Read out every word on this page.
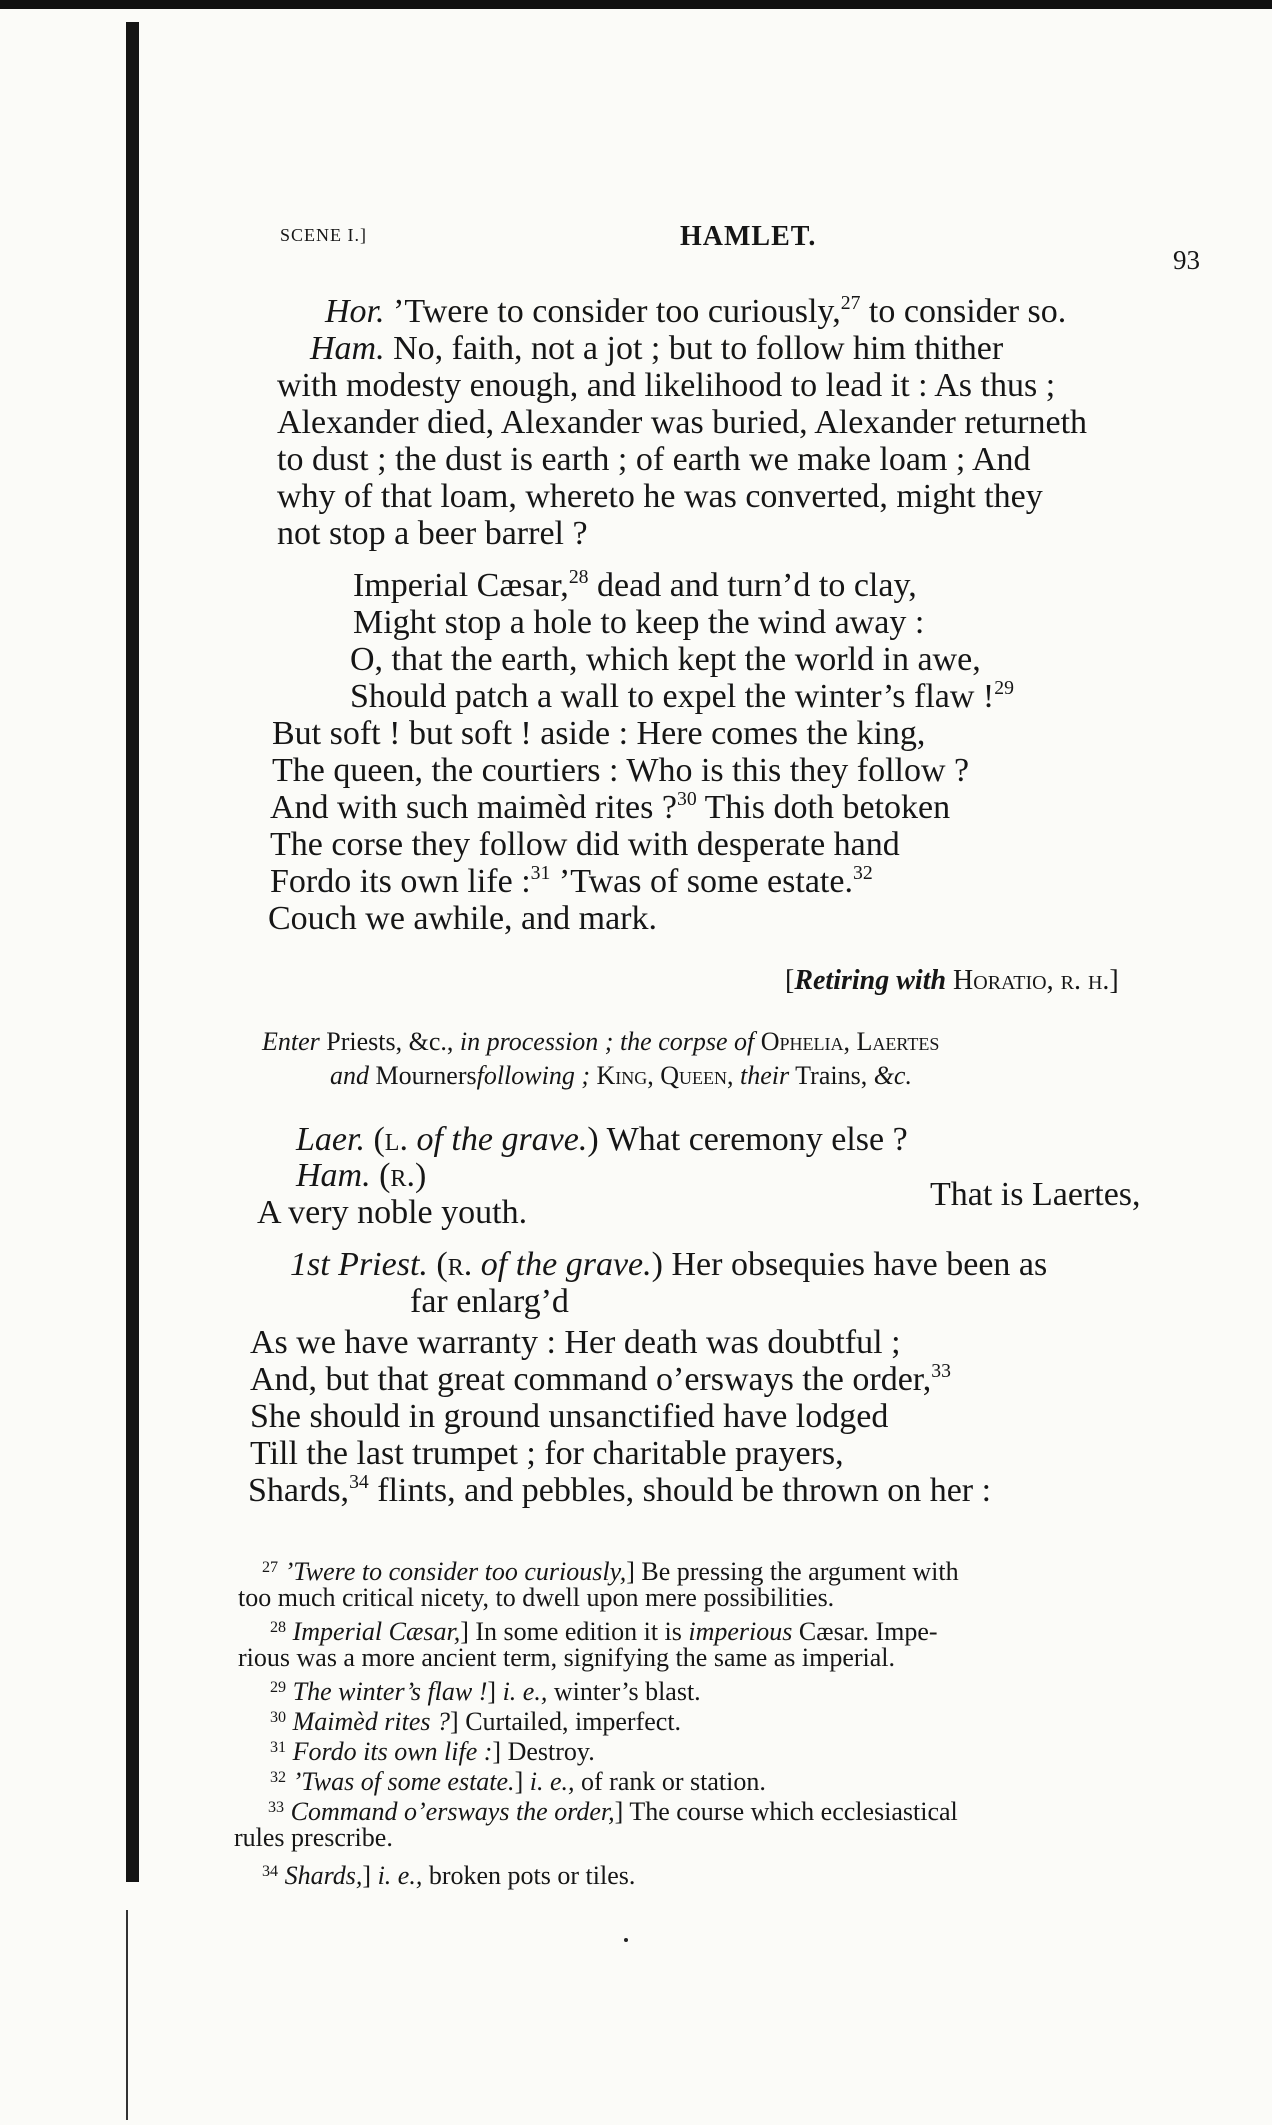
SCENE I.]	HAMLET.
93
Hor. ’Twere to consider too curiously,$^{27}$ to consider so.
Ham. No, faith, not a jot ; but to follow him thither
with modesty enough, and likelihood to lead it : As thus ;
Alexander died, Alexander was buried, Alexander returneth
to dust ; the dust is earth ; of earth we make loam ; And
why of that loam, whereto he was converted, might they
not stop a beer barrel ?
Imperial Cæsar,$^{28}$ dead and turn’d to clay,
Might stop a hole to keep the wind away :
O, that the earth, which kept the world in awe,
Should patch a wall to expel the winter’s flaw !$^{29}$
But soft ! but soft ! aside : Here comes the king,
The queen, the courtiers : Who is this they follow ?
And with such maimèd rites ?$^{30}$ This doth betoken
The corse they follow did with desperate hand
Fordo its own life :$^{31}$ ’Twas of some estate.$^{32}$
Couch we awhile, and mark.
[Retiring with Horatio, r. h.]
Enter Priests, &c., in procession ; the corpse of Ophelia, Laertes
and Mournersfollowing ; King, Queen, their Trains, &c.
Laer. (l. of the grave.) What ceremony else ?
Ham. (r.)
That is Laertes,
A very noble youth.
1st Priest. (r. of the grave.) Her obsequies have been as
far enlarg’d
As we have warranty : Her death was doubtful ;
And, but that great command o’ersways the order,$^{33}$
She should in ground unsanctified have lodged
Till the last trumpet ; for charitable prayers,
Shards,$^{34}$ flints, and pebbles, should be thrown on her :
$^{27}$ ’Twere to consider too curiously,] Be pressing the argument with
too much critical nicety, to dwell upon mere possibilities.
$^{28}$ Imperial Cæsar,] In some edition it is imperious Cæsar. Impe-
rious was a more ancient term, signifying the same as imperial.
$^{29}$ The winter’s flaw !] i. e., winter’s blast.
$^{30}$ Maimèd rites ?] Curtailed, imperfect.
$^{31}$ Fordo its own life :] Destroy.
$^{32}$ ’Twas of some estate.] i. e., of rank or station.
$^{33}$ Command o’ersways the order,] The course which ecclesiastical
rules prescribe.
$^{34}$ Shards,] i. e., broken pots or tiles.
